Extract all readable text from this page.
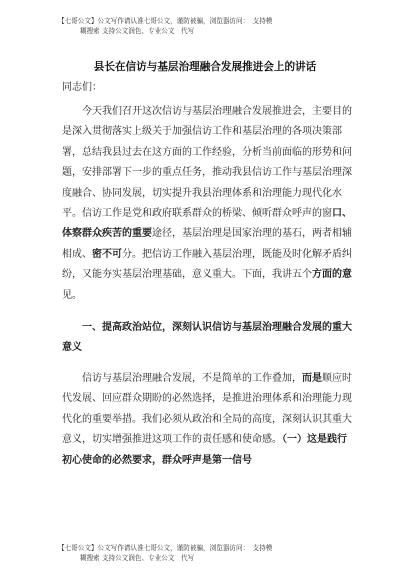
【七哥公文】公文写作请认准七哥公文，谨防被骗，浏览器访问：　支持模
糊搜索 支持公文润色、专业公文　代写
县长在信访与基层治理融合发展推进会上的讲话
同志们：

今天我们召开这次信访与基层治理融合发展推进会，主要目的是深入贯彻落实上级关于加强信访工作和基层治理的各项决策部署，总结我县过去在这方面的工作经验，分析当前面临的形势和问题，安排部署下一步的重点任务，推动我县信访工作与基层治理深度融合、协同发展，切实提升我县治理体系和治理能力现代化水平。信访工作是党和政府联系群众的桥梁、倾听群众呼声的窗口、体察群众疾苦的重要途径，基层治理是国家治理的基石，两者相辅相成、密不可分。把信访工作融入基层治理，既能及时化解矛盾纠纷，又能夯实基层治理基础，意义重大。下面，我讲五个方面的意见。

一、提高政治站位，深刻认识信访与基层治理融合发展的重大意义

信访与基层治理融合发展，不是简单的工作叠加，而是顺应时代发展、回应群众期盼的必然选择，是推进治理体系和治理能力现代化的重要举措。我们必须从政治和全局的高度，深刻认识其重大意义，切实增强推进这项工作的责任感和使命感。（一）这是践行初心使命的必然要求，群众呼声是第一信号

【七哥公文】公文写作请认准七哥公文，谨防被骗，浏览器访问：　支持模
糊搜索 支持公文润色、专业公文　代写
